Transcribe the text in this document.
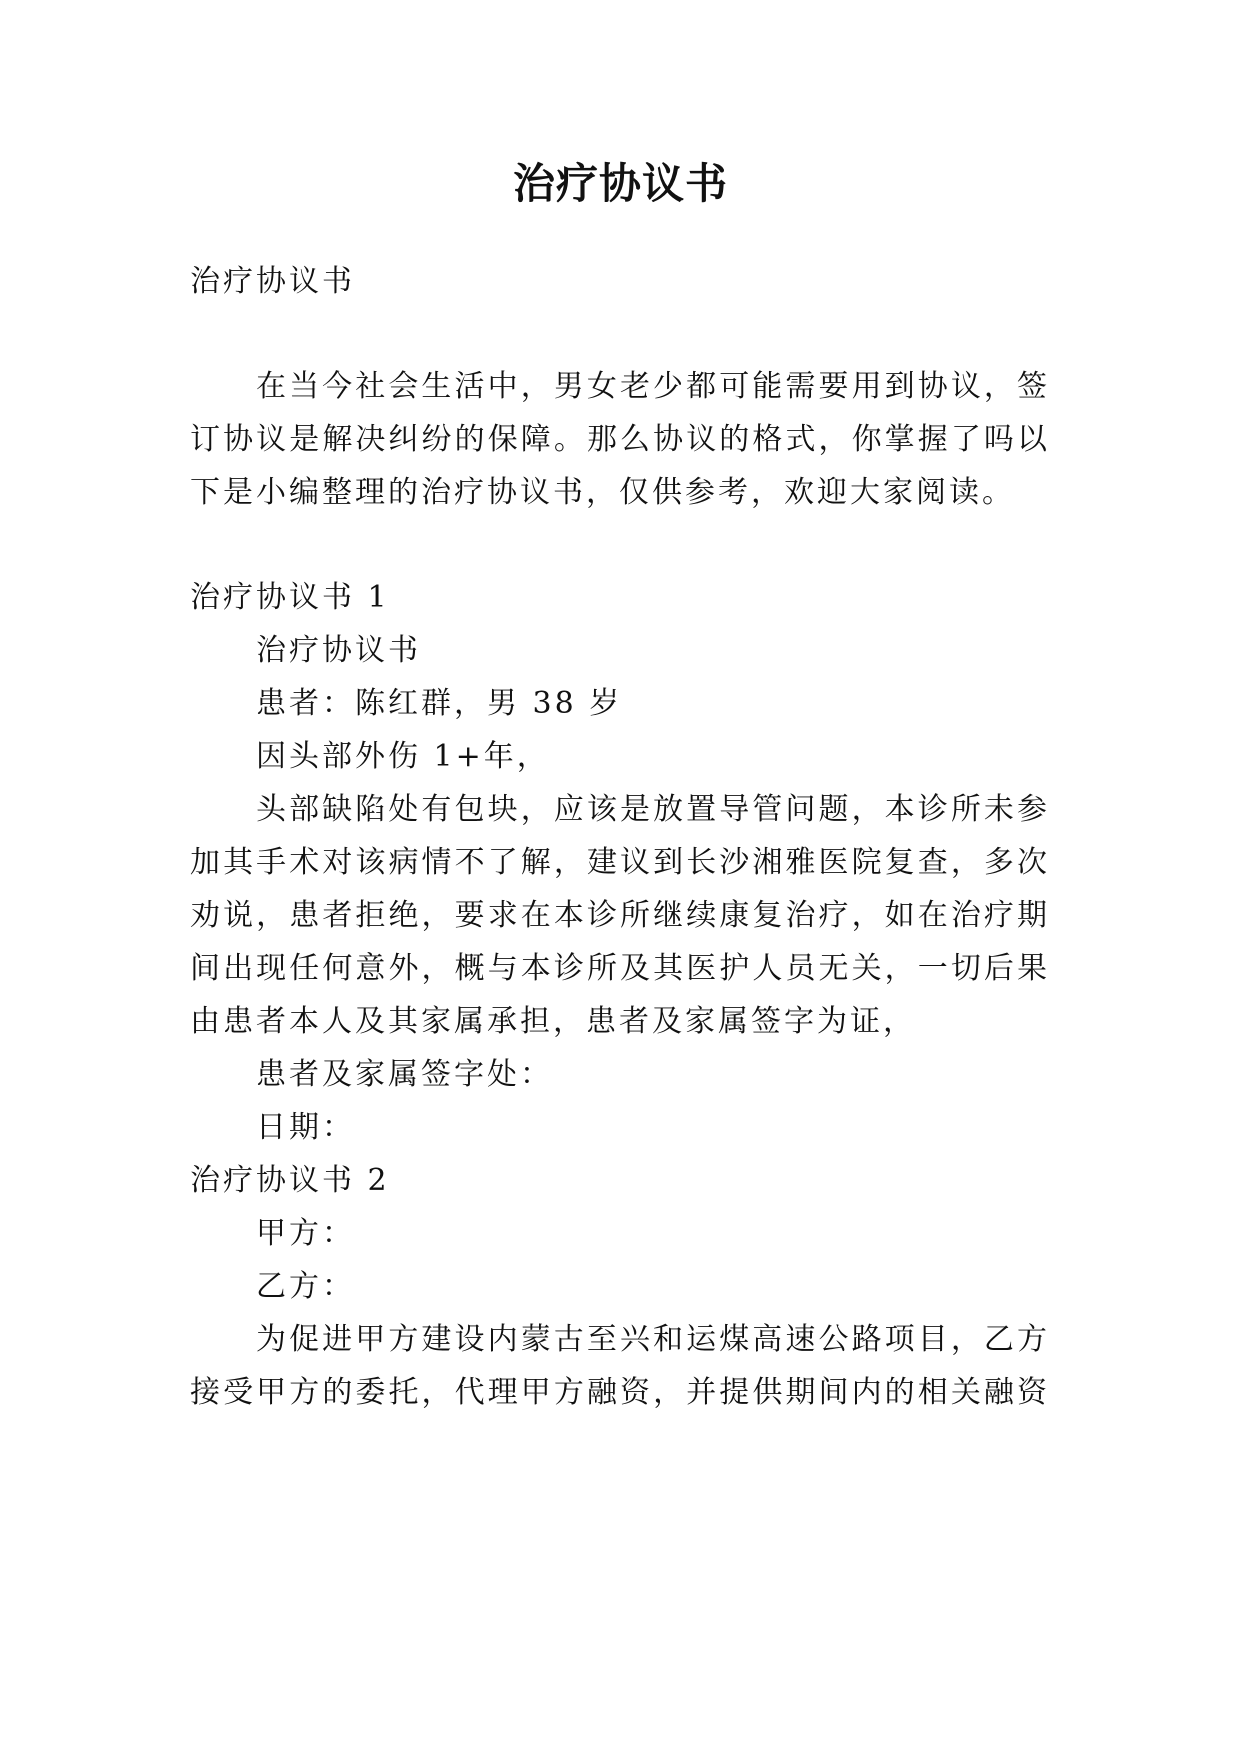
治疗协议书
治疗协议书
在当今社会生活中，男女老少都可能需要用到协议，签
订协议是解决纠纷的保障。那么协议的格式，你掌握了吗以
下是小编整理的治疗协议书，仅供参考，欢迎大家阅读。
治疗协议书 1
治疗协议书
患者：陈红群，男 38 岁
因头部外伤 1+年，
头部缺陷处有包块，应该是放置导管问题，本诊所未参
加其手术对该病情不了解，建议到长沙湘雅医院复查，多次
劝说，患者拒绝，要求在本诊所继续康复治疗，如在治疗期
间出现任何意外，概与本诊所及其医护人员无关，一切后果
由患者本人及其家属承担，患者及家属签字为证，
患者及家属签字处：
日期：
治疗协议书 2
甲方：
乙方：
为促进甲方建设内蒙古至兴和运煤高速公路项目，乙方
接受甲方的委托，代理甲方融资，并提供期间内的相关融资
